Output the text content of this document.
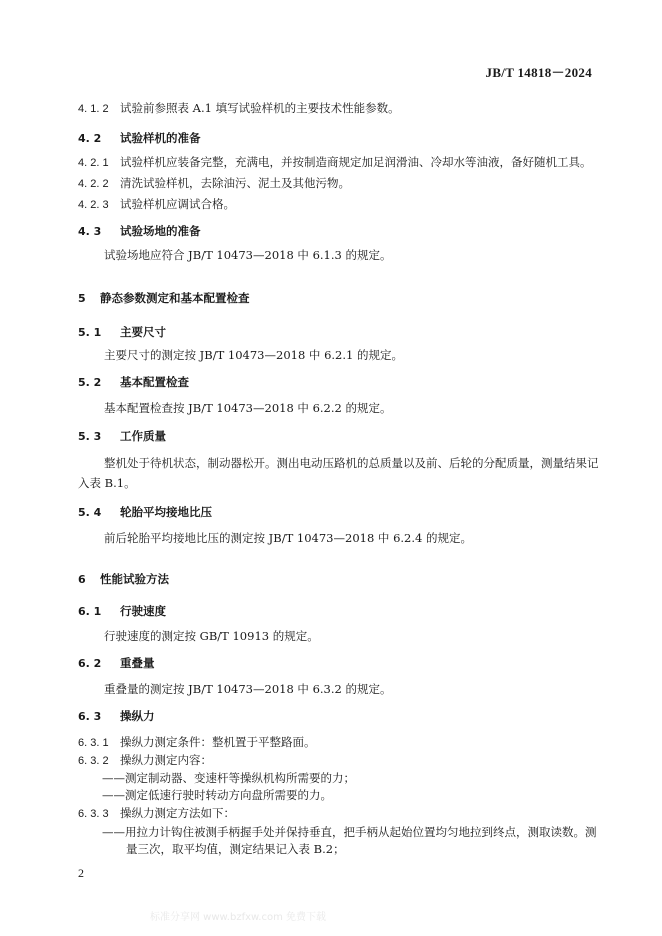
JB/T 14818－2024
4. 1. 2 试验前参照表 A.1 填写试验样机的主要技术性能参数。
4. 2 试验样机的准备
4. 2. 1 试验样机应装备完整，充满电，并按制造商规定加足润滑油、冷却水等油液，备好随机工具。
4. 2. 2 清洗试验样机，去除油污、泥土及其他污物。
4. 2. 3 试验样机应调试合格。
4. 3 试验场地的准备
试验场地应符合 JB/T 10473—2018 中 6.1.3 的规定。
5 静态参数测定和基本配置检查
5. 1 主要尺寸
主要尺寸的测定按 JB/T 10473—2018 中 6.2.1 的规定。
5. 2 基本配置检查
基本配置检查按 JB/T 10473—2018 中 6.2.2 的规定。
5. 3 工作质量
整机处于待机状态，制动器松开。测出电动压路机的总质量以及前、后轮的分配质量，测量结果记
入表 B.1。
5. 4 轮胎平均接地比压
前后轮胎平均接地比压的测定按 JB/T 10473—2018 中 6.2.4 的规定。
6 性能试验方法
6. 1 行驶速度
行驶速度的测定按 GB/T 10913 的规定。
6. 2 重叠量
重叠量的测定按 JB/T 10473—2018 中 6.3.2 的规定。
6. 3 操纵力
6. 3. 1 操纵力测定条件：整机置于平整路面。
6. 3. 2 操纵力测定内容：
——测定制动器、变速杆等操纵机构所需要的力；
——测定低速行驶时转动方向盘所需要的力。
6. 3. 3 操纵力测定方法如下：
——用拉力计钩住被测手柄握手处并保持垂直，把手柄从起始位置均匀地拉到终点，测取读数。测
量三次，取平均值，测定结果记入表 B.2；
2
标准分享网 www.bzfxw.com 免费下载
